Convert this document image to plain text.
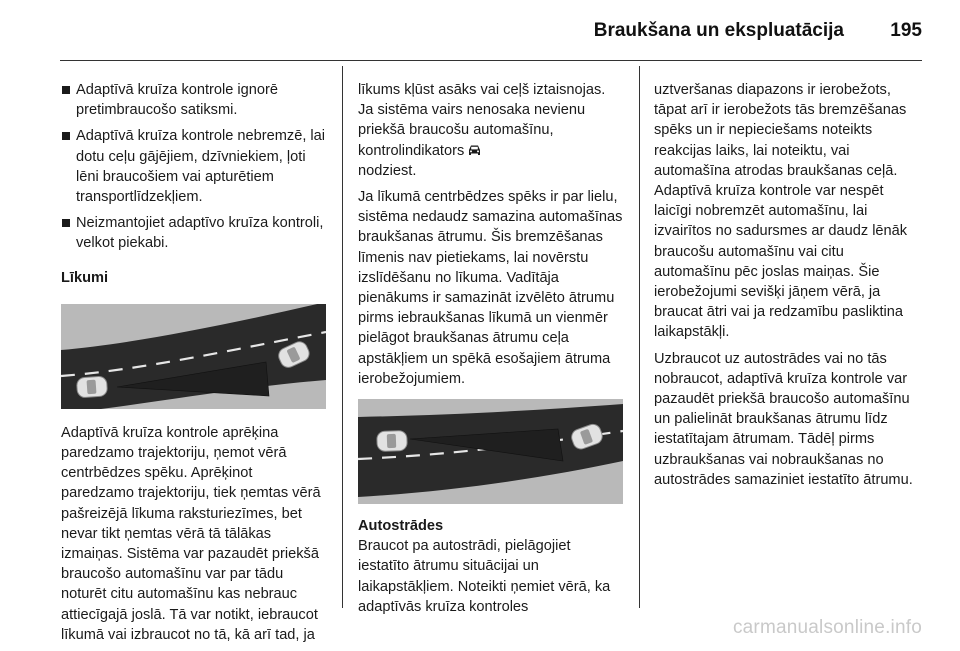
Braukšana un ekspluatācija 195
Adaptīvā kruīza kontrole ignorē pretimbraucošo satiksmi.
Adaptīvā kruīza kontrole nebremzē, lai dotu ceļu gājējiem, dzīvniekiem, ļoti lēni braucošiem vai apturētiem transportlīdzekļiem.
Neizmantojiet adaptīvo kruīza kontroli, velkot piekabi.
Līkumi

Adaptīvā kruīza kontrole aprēķina paredzamo trajektoriju, ņemot vērā centrbēdzes spēku. Aprēķinot paredzamo trajektoriju, tiek ņemtas vērā pašreizējā līkuma raksturiezīmes, bet nevar tikt ņemtas vērā tā tālākas izmaiņas. Sistēma var pazaudēt priekšā braucošo automašīnu var par tādu noturēt citu automašīnu kas nebrauc attiecīgajā joslā. Tā var notikt, iebraucot līkumā vai izbraucot no tā, kā arī tad, ja

līkums kļūst asāks vai ceļš iztaisnojas. Ja sistēma vairs nenosaka nevienu priekšā braucošu automašīnu, kontrolindikators
nodziest.

Ja līkumā centrbēdzes spēks ir par lielu, sistēma nedaudz samazina automašīnas braukšanas ātrumu. Šis bremzēšanas līmenis nav pietiekams, lai novērstu izslīdēšanu no līkuma. Vadītāja pienākums ir samazināt izvēlēto ātrumu pirms iebraukšanas līkumā un vienmēr pielāgot braukšanas ātrumu ceļa apstākļiem un spēkā esošajiem ātruma ierobežojumiem.

Autostrādes

Braucot pa autostrādi, pielāgojiet iestatīto ātrumu situācijai un laikapstākļiem. Noteikti ņemiet vērā, ka adaptīvās kruīza kontroles

uztveršanas diapazons ir ierobežots, tāpat arī ir ierobežots tās bremzēšanas spēks un ir nepieciešams noteikts reakcijas laiks, lai noteiktu, vai automašīna atrodas braukšanas ceļā. Adaptīvā kruīza kontrole var nespēt laicīgi nobremzēt automašīnu, lai izvairītos no sadursmes ar daudz lēnāk braucošu automašīnu vai citu automašīnu pēc joslas maiņas. Šie ierobežojumi sevišķi jāņem vērā, ja braucat ātri vai ja redzamību pasliktina laikapstākļi.

Uzbraucot uz autostrādes vai no tās nobraucot, adaptīvā kruīza kontrole var pazaudēt priekšā braucošo automašīnu un palielināt braukšanas ātrumu līdz iestatītajam ātrumam. Tādēļ pirms uzbraukšanas vai nobraukšanas no autostrādes samaziniet iestatīto ātrumu.

carmanualsonline.info
